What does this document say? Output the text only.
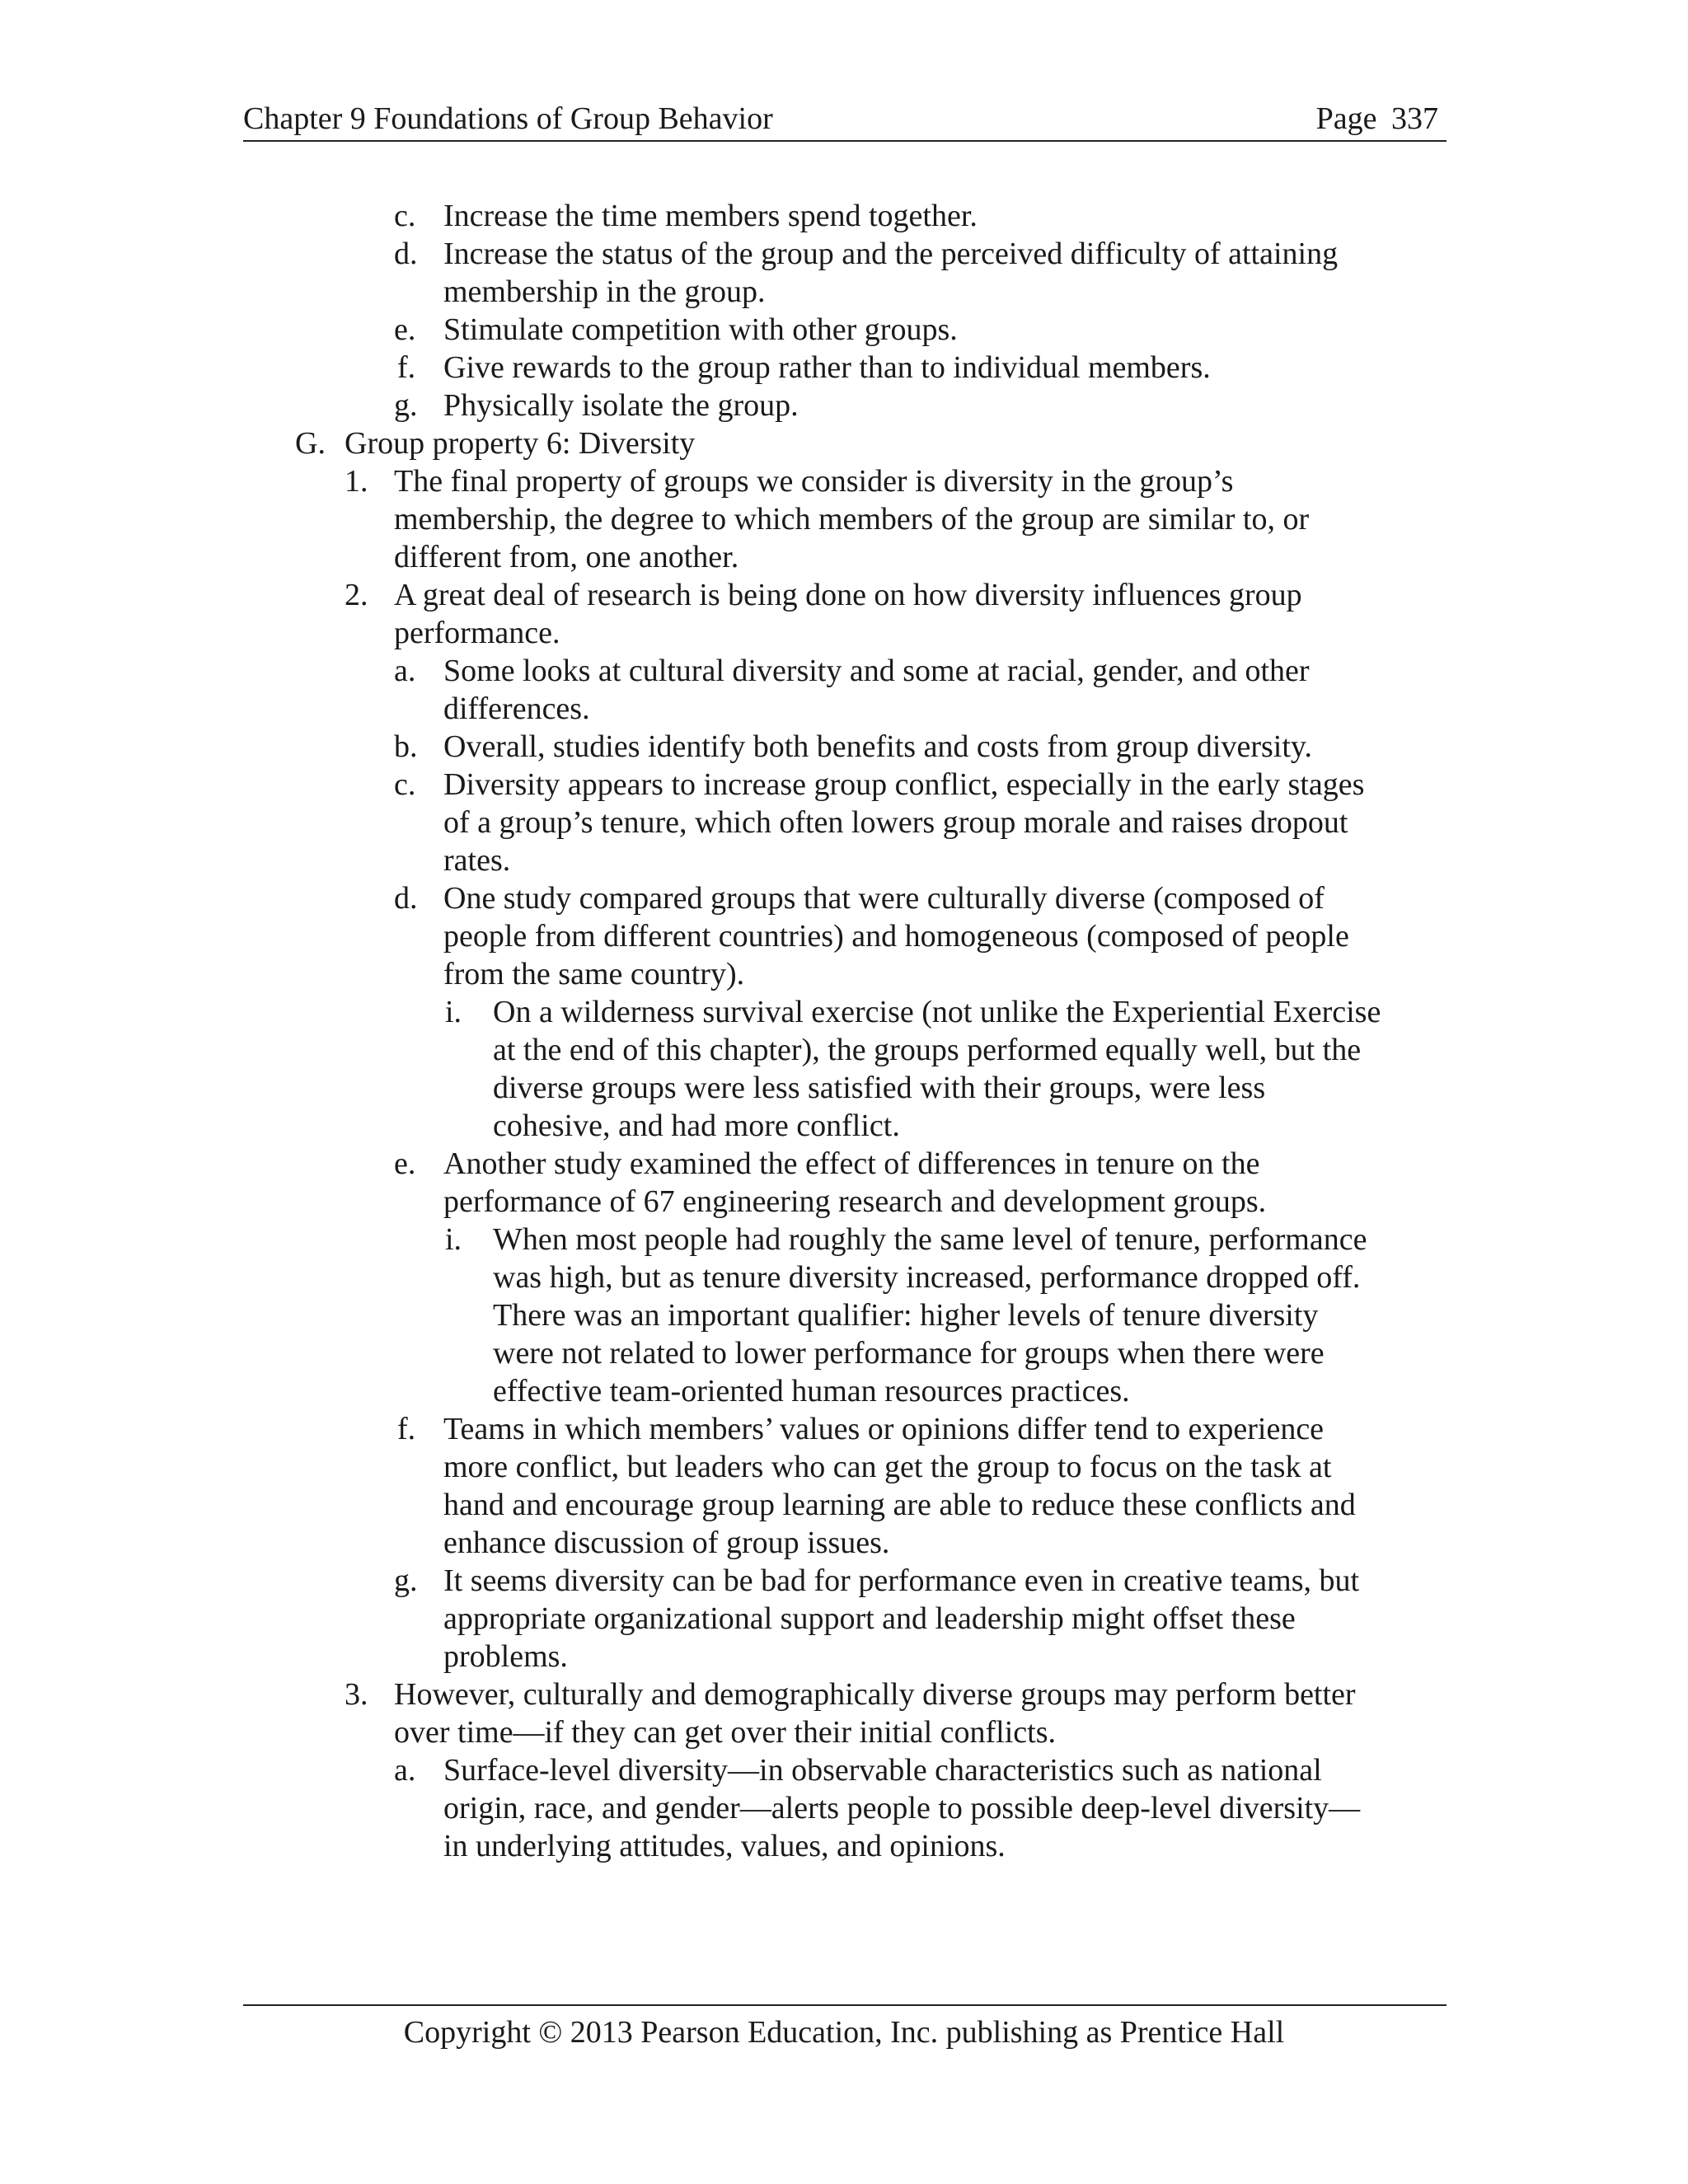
Chapter 9 Foundations of Group Behavior	Page 337
c. Increase the time members spend together.
d. Increase the status of the group and the perceived difficulty of attaining
membership in the group.
e. Stimulate competition with other groups.
f. Give rewards to the group rather than to individual members.
g. Physically isolate the group.
G. Group property 6: Diversity
1. The final property of groups we consider is diversity in the group’s
membership, the degree to which members of the group are similar to, or
different from, one another.
2. A great deal of research is being done on how diversity influences group
performance.
a. Some looks at cultural diversity and some at racial, gender, and other
differences.
b. Overall, studies identify both benefits and costs from group diversity.
c. Diversity appears to increase group conflict, especially in the early stages
of a group’s tenure, which often lowers group morale and raises dropout
rates.
d. One study compared groups that were culturally diverse (composed of
people from different countries) and homogeneous (composed of people
from the same country).
i. On a wilderness survival exercise (not unlike the Experiential Exercise
at the end of this chapter), the groups performed equally well, but the
diverse groups were less satisfied with their groups, were less
cohesive, and had more conflict.
e. Another study examined the effect of differences in tenure on the
performance of 67 engineering research and development groups.
i. When most people had roughly the same level of tenure, performance
was high, but as tenure diversity increased, performance dropped off.
There was an important qualifier: higher levels of tenure diversity
were not related to lower performance for groups when there were
effective team-oriented human resources practices.
f. Teams in which members’ values or opinions differ tend to experience
more conflict, but leaders who can get the group to focus on the task at
hand and encourage group learning are able to reduce these conflicts and
enhance discussion of group issues.
g. It seems diversity can be bad for performance even in creative teams, but
appropriate organizational support and leadership might offset these
problems.
3. However, culturally and demographically diverse groups may perform better
over time—if they can get over their initial conflicts.
a. Surface-level diversity—in observable characteristics such as national
origin, race, and gender—alerts people to possible deep-level diversity—
in underlying attitudes, values, and opinions.
Copyright © 2013 Pearson Education, Inc. publishing as Prentice Hall
